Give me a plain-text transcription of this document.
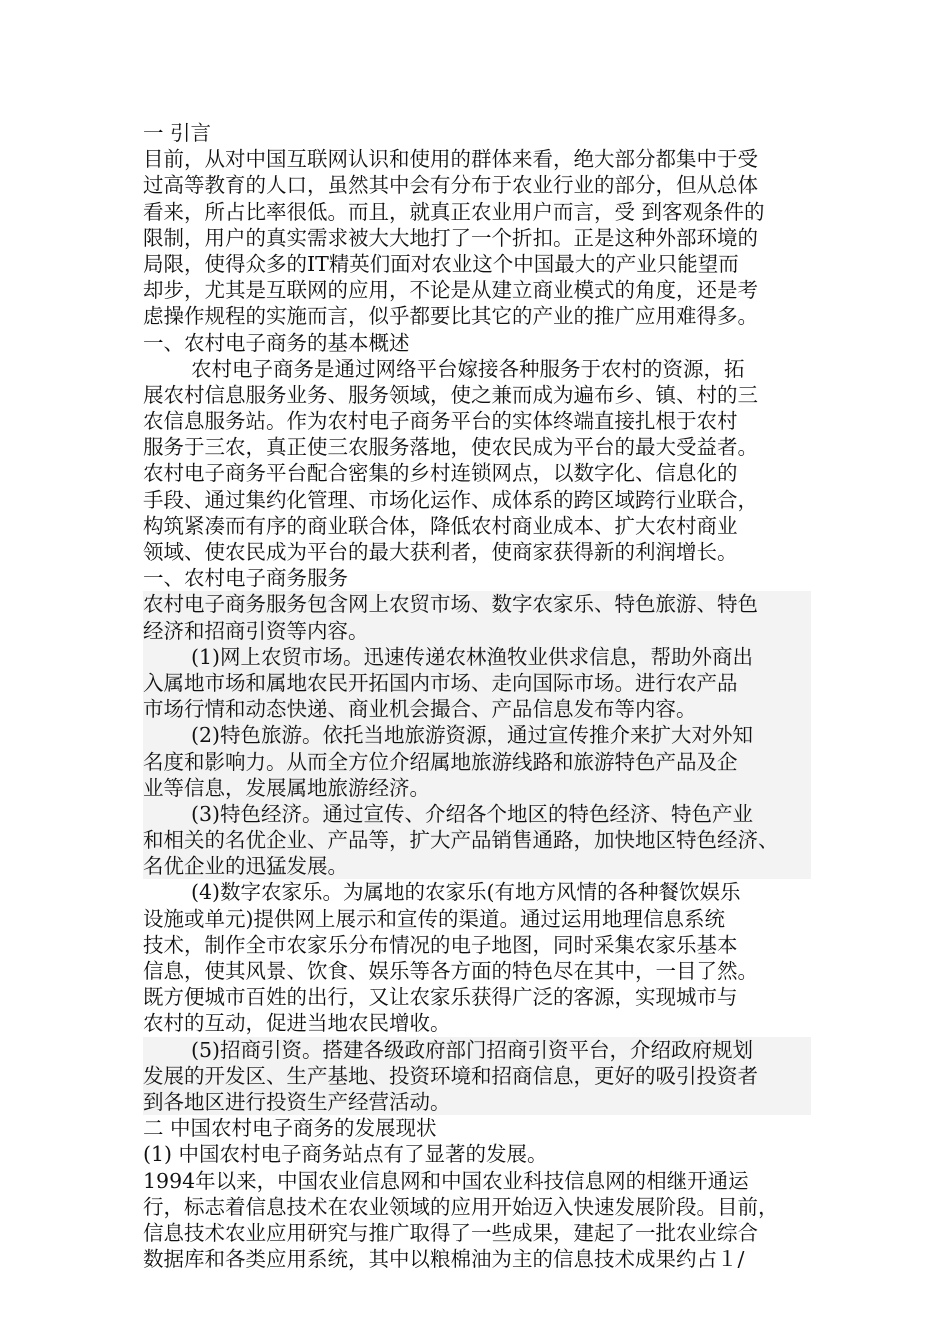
一 引言
目前，从对中国互联网认识和使用的群体来看，绝大部分都集中于受
过高等教育的人口，虽然其中会有分布于农业行业的部分，但从总体
看来，所占比率很低。而且，就真正农业用户而言，受 到客观条件的
限制，用户的真实需求被大大地打了一个折扣。正是这种外部环境的
局限，使得众多的IT精英们面对农业这个中国最大的产业只能望而
却步，尤其是互联网的应用，不论是从建立商业模式的角度，还是考
虑操作规程的实施而言，似乎都要比其它的产业的推广应用难得多。
一、农村电子商务的基本概述
农村电子商务是通过网络平台嫁接各种服务于农村的资源，拓
展农村信息服务业务、服务领域，使之兼而成为遍布乡、镇、村的三
农信息服务站。作为农村电子商务平台的实体终端直接扎根于农村
服务于三农，真正使三农服务落地，使农民成为平台的最大受益者。
农村电子商务平台配合密集的乡村连锁网点，以数字化、信息化的
手段、通过集约化管理、市场化运作、成体系的跨区域跨行业联合，
构筑紧凑而有序的商业联合体，降低农村商业成本、扩大农村商业
领域、使农民成为平台的最大获利者，使商家获得新的利润增长。
一、农村电子商务服务
农村电子商务服务包含网上农贸市场、数字农家乐、特色旅游、特色
经济和招商引资等内容。
(1)网上农贸市场。迅速传递农林渔牧业供求信息，帮助外商出
入属地市场和属地农民开拓国内市场、走向国际市场。进行农产品
市场行情和动态快递、商业机会撮合、产品信息发布等内容。
(2)特色旅游。依托当地旅游资源，通过宣传推介来扩大对外知
名度和影响力。从而全方位介绍属地旅游线路和旅游特色产品及企
业等信息，发展属地旅游经济。
(3)特色经济。通过宣传、介绍各个地区的特色经济、特色产业
和相关的名优企业、产品等，扩大产品销售通路，加快地区特色经济、
名优企业的迅猛发展。
(4)数字农家乐。为属地的农家乐(有地方风情的各种餐饮娱乐
设施或单元)提供网上展示和宣传的渠道。通过运用地理信息系统
技术，制作全市农家乐分布情况的电子地图，同时采集农家乐基本
信息，使其风景、饮食、娱乐等各方面的特色尽在其中，一目了然。
既方便城市百姓的出行，又让农家乐获得广泛的客源，实现城市与
农村的互动，促进当地农民增收。
(5)招商引资。搭建各级政府部门招商引资平台，介绍政府规划
发展的开发区、生产基地、投资环境和招商信息，更好的吸引投资者
到各地区进行投资生产经营活动。
二 中国农村电子商务的发展现状
(1) 中国农村电子商务站点有了显著的发展。
1994年以来，中国农业信息网和中国农业科技信息网的相继开通运
行，标志着信息技术在农业领域的应用开始迈入快速发展阶段。目前，
信息技术农业应用研究与推广取得了一些成果，建起了一批农业综合
数据库和各类应用系统，其中以粮棉油为主的信息技术成果约占１/
